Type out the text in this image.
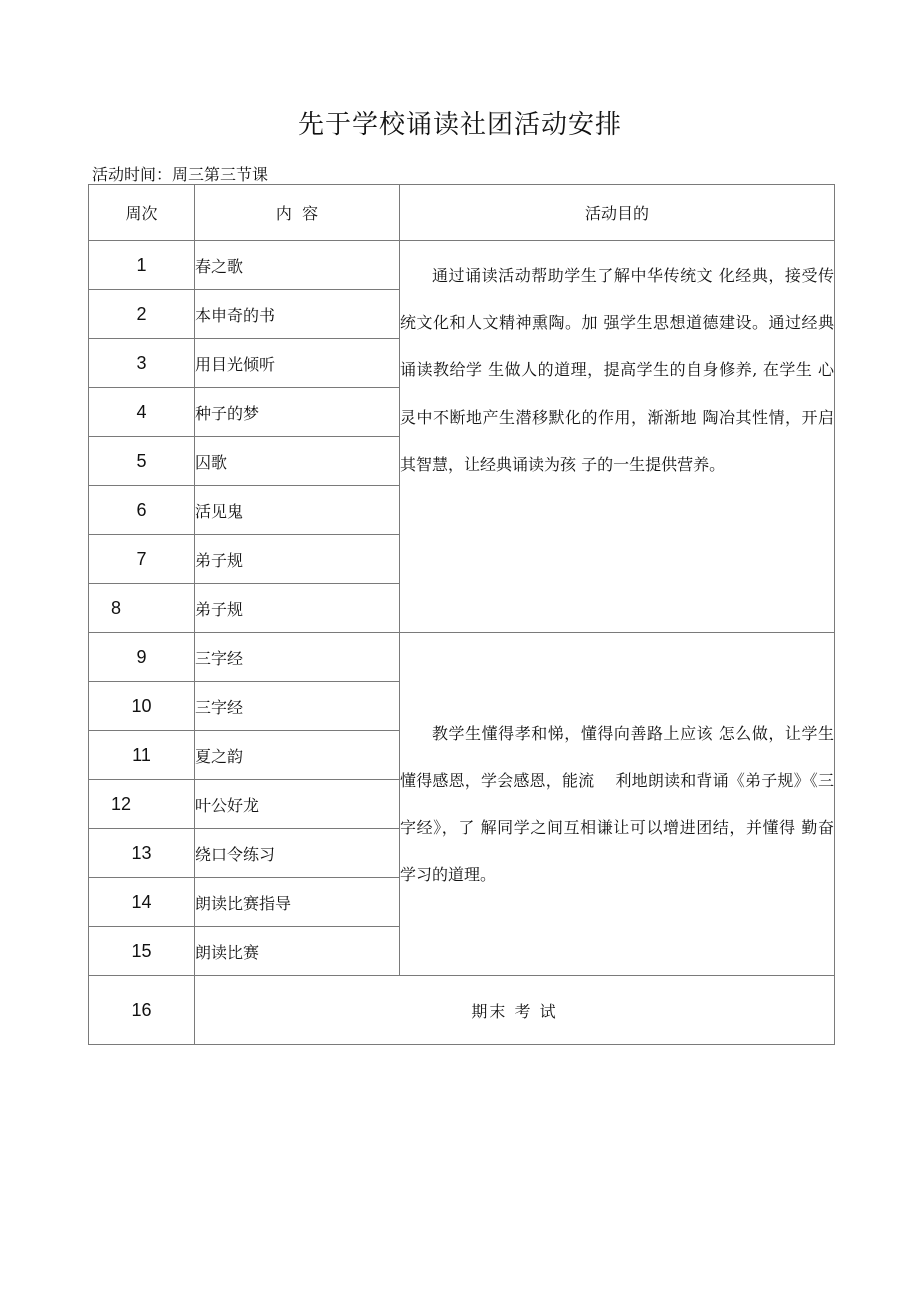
先于学校诵读社团活动安排
活动时间：周三第三节课
周次	内  容	活动目的
1	春之歌	通过诵读活动帮助学生了解中华传统文 化经典，接受传统文化和人文精神熏陶。加 强学生思想道德建设。通过经典诵读教给学 生做人的道理，提高学生的自身修养, 在学生 心灵中不断地产生潜移默化的作用，渐渐地 陶冶其性情，开启其智慧，让经典诵读为孩 子的一生提供营养。

2	本申奇的书	
3	用目光倾听	
4	种子的梦	
5	囚歌	
6	活见鬼	
7	弟子规	
8	弟子规	
9	三字经	教学生懂得孝和悌，懂得向善路上应该 怎么做，让学生懂得感恩，学会感恩，能流    利地朗读和背诵《弟子规》《三字经》，了 解同学之间互相谦让可以增进团结，并懂得 勤奋学习的道理。

10	三字经	
11	夏之韵	
12	叶公好龙	
13	绕口令练习	
14	朗读比赛指导	
15	朗读比赛	
16	期末 考 试	
